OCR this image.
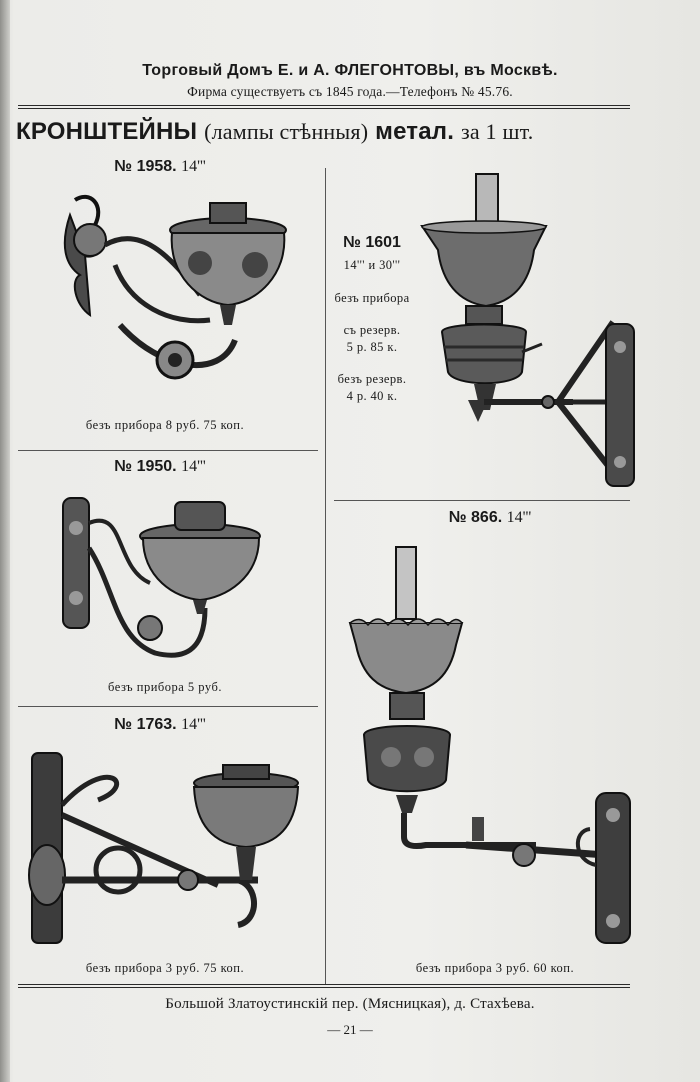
Торговый Домъ Е. и А. ФЛЕГОНТОВЫ, въ Москвѣ.
Фирма существуетъ съ 1845 года.—Телефонъ № 45.76.
КРОНШТЕЙНЫ (лампы стѣнныя) метал. за 1 шт.
№ 1958. 14'''
безъ прибора 8 руб. 75 коп.
№ 1950. 14'''
безъ прибора 5 руб.
№ 1763. 14'''
безъ прибора 3 руб. 75 коп.
№ 1601
14''' и 30'''
безъ прибора
съ резерв.
5 р. 85 к.
безъ резерв.
4 р. 40 к.
№ 866. 14'''
безъ прибора 3 руб. 60 коп.
Большой Златоустинскій пер. (Мясницкая), д. Стахѣева.
— 21 —
